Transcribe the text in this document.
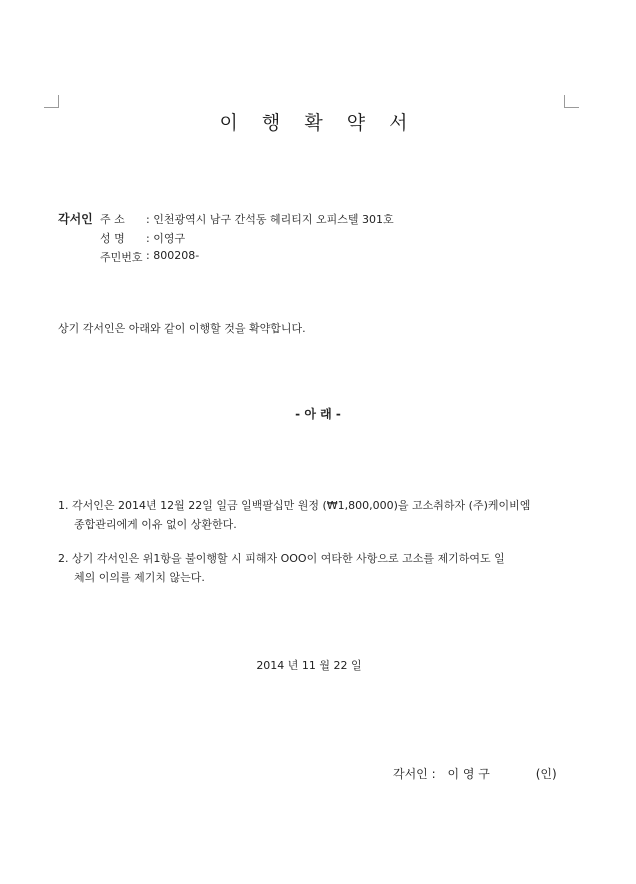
이 행 확 약 서
각서인 주 소 : 인천광역시 남구 간석동 헤리티지 오피스텔 301호
성 명 : 이영구
주민번호 : 800208-
상기 각서인은 아래와 같이 이행할 것을 확약합니다.
- 아 래 -
1. 각서인은 2014년 12월 22일 일금 일백팔십만 원정 (₩1,800,000)을 고소취하자 (주)케이비엠
종합관리에게 이유 없이 상환한다.
2. 상기 각서인은 위1항을 불이행할 시 피해자 OOO이 여타한 사항으로 고소를 제기하여도 일
체의 이의를 제기치 않는다.
2014 년 11 월 22 일
각서인 : 이 영 구	(인)
